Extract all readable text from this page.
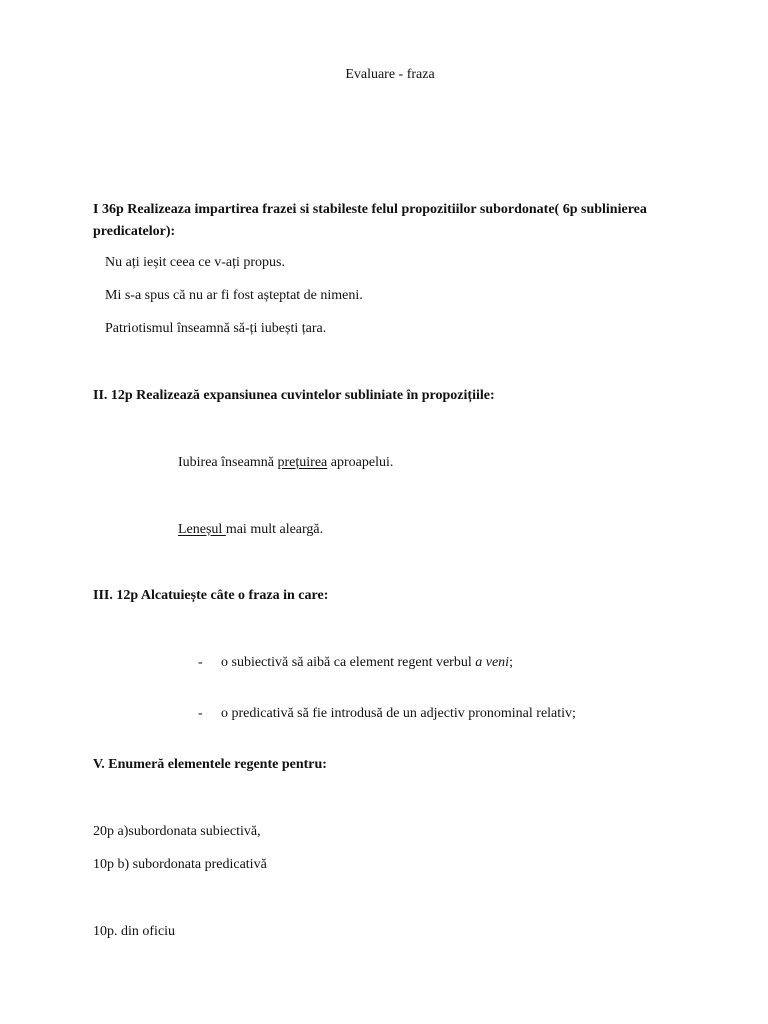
Evaluare - fraza
I 36p Realizeaza impartirea frazei si stabileste felul propozitiilor subordonate( 6p sublinierea predicatelor):
Nu ați ieșit ceea ce v-ați propus.
Mi s-a spus că nu ar fi fost așteptat de nimeni.
Patriotismul înseamnă să-ți iubești țara.
II. 12p Realizează expansiunea cuvintelor subliniate în propozițiile:
Iubirea înseamnă prețuirea aproapelui.
Leneșul mai mult aleargă.
III. 12p Alcatuiește câte o fraza in care:
- o subiectivă să aibă ca element regent verbul a veni;
- o predicativă să fie introdusă de un adjectiv pronominal relativ;
V. Enumeră elementele regente pentru:
20p a)subordonata subiectivă,
10p b) subordonata predicativă
10p. din oficiu
